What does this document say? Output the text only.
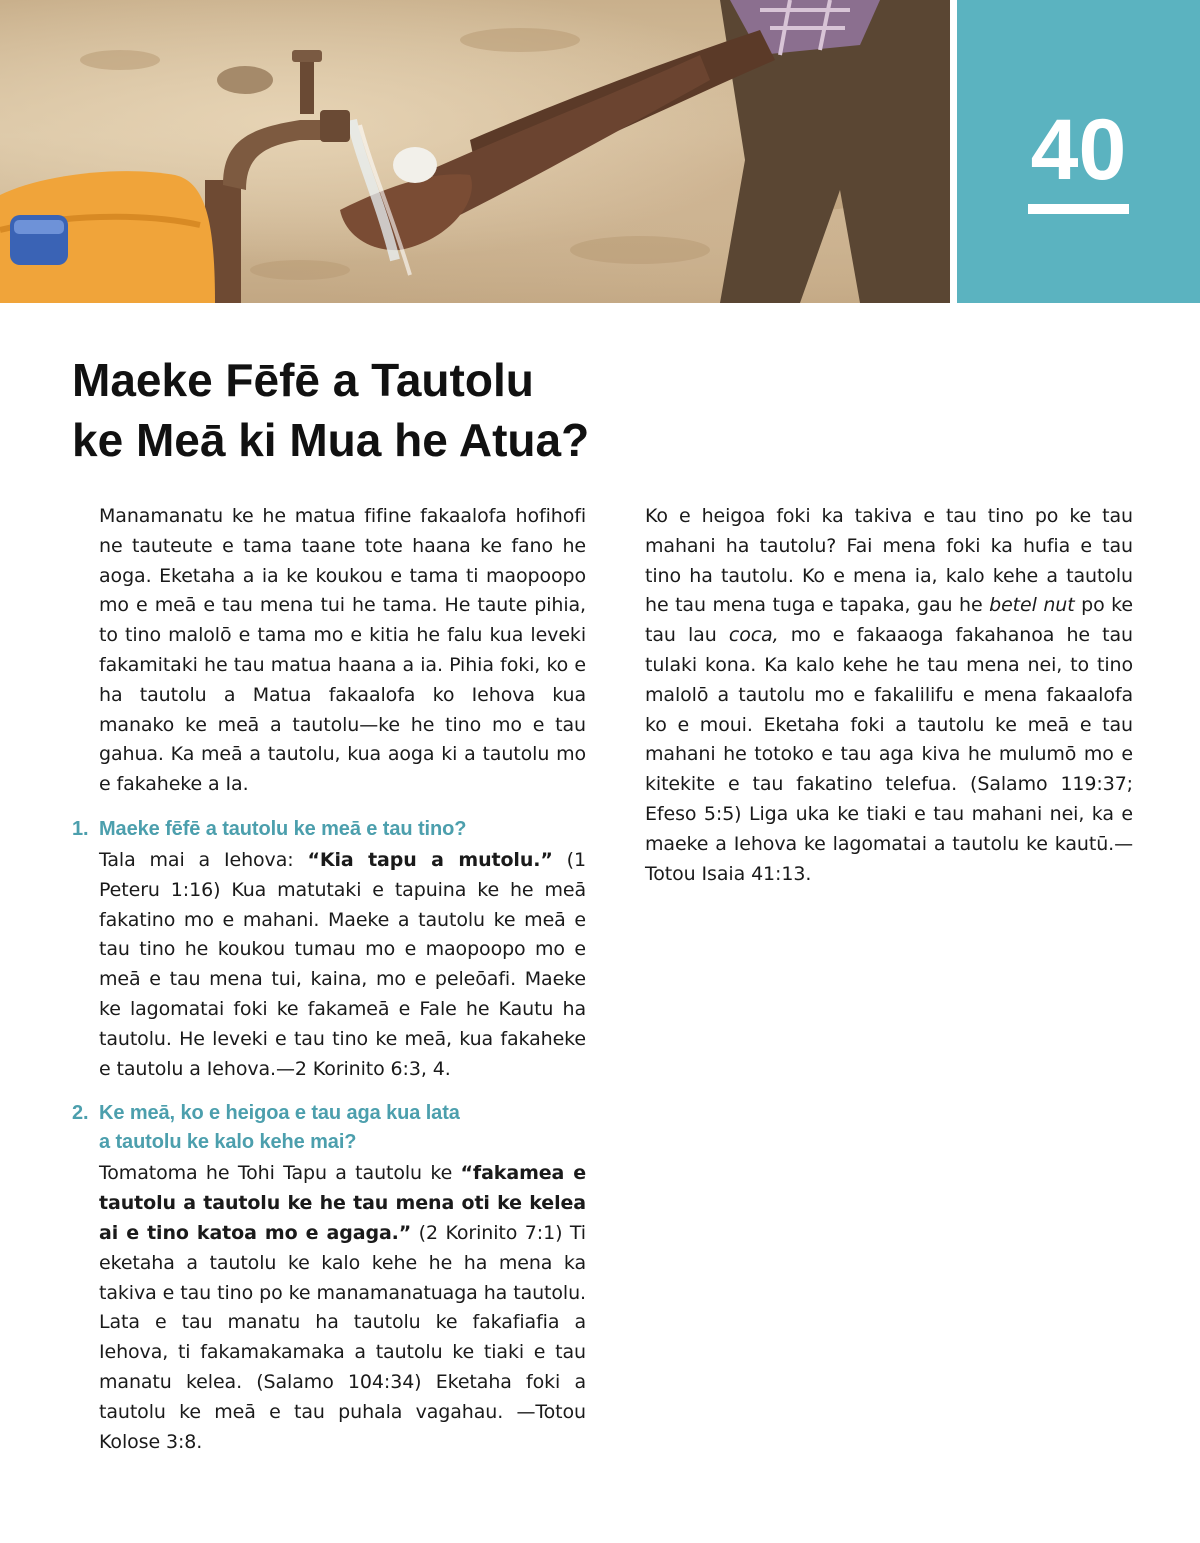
40
Maeke Fēfē a Tautolu
ke Meā ki Mua he Atua?

Manamanatu ke he matua fifine fakaalofa hofihofi ne tauteute e tama taane tote haana ke fano he aoga. Eketaha a ia ke koukou e tama ti maopoopo mo e meā e tau mena tui he tama. He taute pihia, to tino malolō e tama mo e kitia he falu kua leveki fakamitaki he tau matua haana a ia. Pihia foki, ko e ha tautolu a Matua fakaalofa ko Iehova kua manako ke meā a tautolu—ke he tino mo e tau gahua. Ka meā a tautolu, kua aoga ki a tautolu mo e fakaheke a Ia.

1. Maeke fēfē a tautolu ke meā e tau tino?

Tala mai a Iehova: “Kia tapu a mutolu.” (1 Peteru 1:16) Kua matutaki e tapuina ke he meā fakatino mo e mahani. Maeke a tautolu ke meā e tau tino he koukou tumau mo e maopoopo mo e meā e tau mena tui, kaina, mo e peleōafi. Maeke ke lagomatai foki ke fakameā e Fale he Kautu ha tautolu. He leveki e tau tino ke meā, kua fakaheke e tautolu a Iehova.—2 Korinito 6:3, 4.

2. Ke meā, ko e heigoa e tau aga kua lata
a tautolu ke kalo kehe mai?

Tomatoma he Tohi Tapu a tautolu ke “fakamea e tautolu a tautolu ke he tau mena oti ke kelea ai e tino katoa mo e agaga.” (2 Korinito 7:1) Ti eketaha a tautolu ke kalo kehe he ha mena ka takiva e tau tino po ke manamanatuaga ha tautolu. Lata e tau manatu ha tautolu ke fakafiafia a Iehova, ti fakamakamaka a tautolu ke tiaki e tau manatu kelea. (Salamo 104:34) Eketaha foki a tautolu ke meā e tau puhala vagahau. —Totou Kolose 3:8.

Ko e heigoa foki ka takiva e tau tino po ke tau mahani ha tautolu? Fai mena foki ka hufia e tau tino ha tautolu. Ko e mena ia, kalo kehe a tautolu he tau mena tuga e tapaka, gau he betel nut po ke tau lau coca, mo e fakaaoga fakahanoa he tau tulaki kona. Ka kalo kehe he tau mena nei, to tino malolō a tautolu mo e fakalilifu e mena fakaalofa ko e moui. Eketaha foki a tautolu ke meā e tau mahani he totoko e tau aga kiva he mulumō mo e kitekite e tau fakatino telefua. (Salamo 119:37; Efeso 5:5) Liga uka ke tiaki e tau mahani nei, ka e maeke a Iehova ke lagomatai a tautolu ke kautū.—Totou Isaia 41:13.
